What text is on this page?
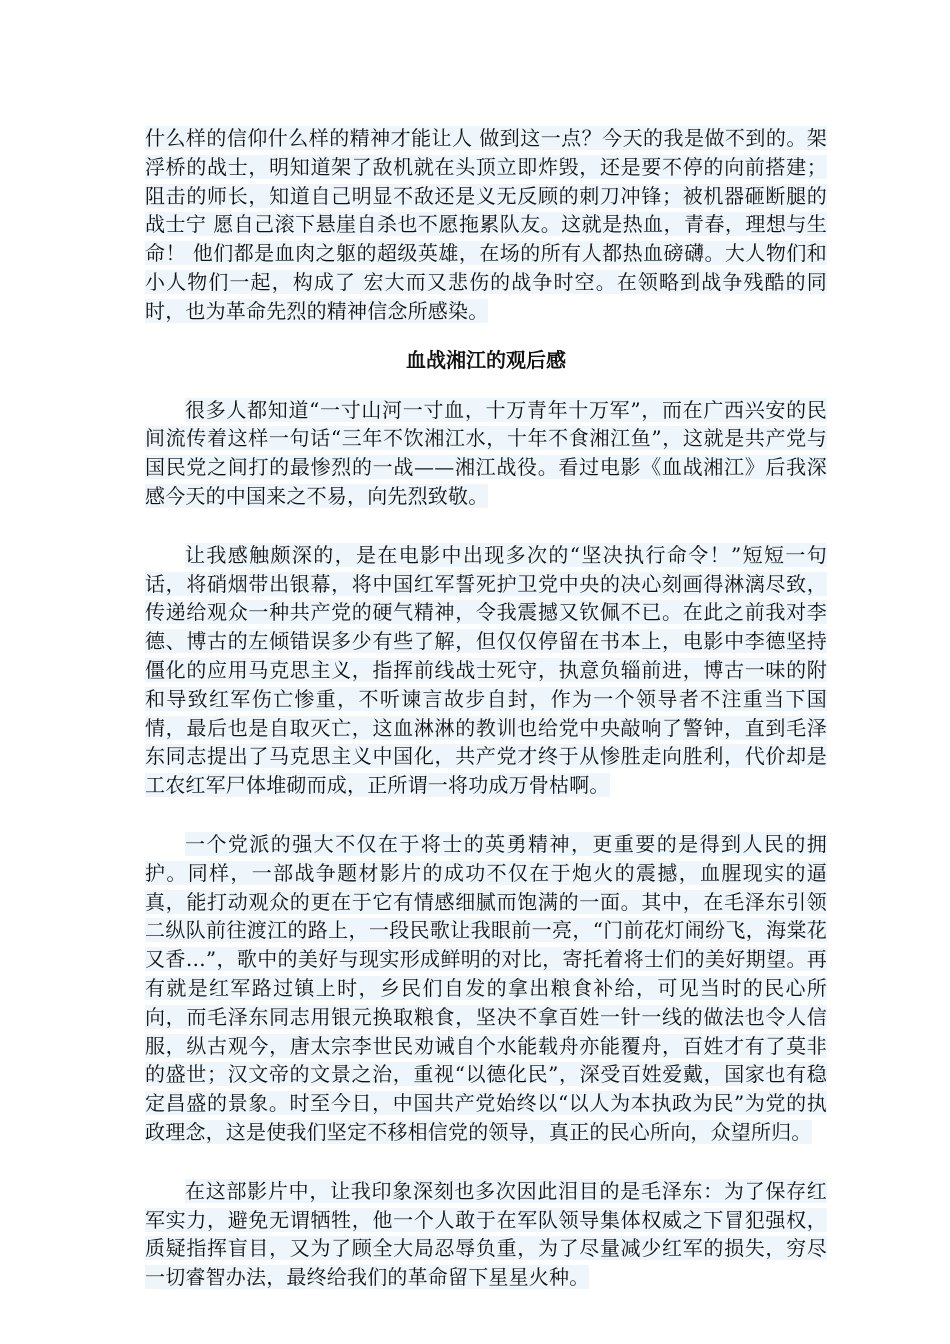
什么样的信仰什么样的精神才能让人 做到这一点？今天的我是做不到的。架浮桥的战士，明知道架了敌机就在头顶立即炸毁，还是要不停的向前搭建；阻击的师长，知道自己明显不敌还是义无反顾的刺刀冲锋；被机器砸断腿的战士宁 愿自己滚下悬崖自杀也不愿拖累队友。这就是热血，青春，理想与生命！ 他们都是血肉之躯的超级英雄，在场的所有人都热血磅礴。大人物们和小人物们一起，构成了 宏大而又悲伤的战争时空。在领略到战争残酷的同时，也为革命先烈的精神信念所感染。

血战湘江的观后感

很多人都知道“一寸山河一寸血，十万青年十万军”，而在广西兴安的民间流传着这样一句话“三年不饮湘江水，十年不食湘江鱼”，这就是共产党与国民党之间打的最惨烈的一战——湘江战役。看过电影《血战湘江》后我深感今天的中国来之不易，向先烈致敬。

让我感触颇深的，是在电影中出现多次的“坚决执行命令！”短短一句话，将硝烟带出银幕，将中国红军誓死护卫党中央的决心刻画得淋漓尽致，传递给观众一种共产党的硬气精神，令我震撼又钦佩不已。在此之前我对李德、博古的左倾错误多少有些了解，但仅仅停留在书本上，电影中李德坚持僵化的应用马克思主义，指挥前线战士死守，执意负辎前进，博古一味的附和导致红军伤亡惨重，不听谏言故步自封，作为一个领导者不注重当下国情，最后也是自取灭亡，这血淋淋的教训也给党中央敲响了警钟，直到毛泽东同志提出了马克思主义中国化，共产党才终于从惨胜走向胜利，代价却是工农红军尸体堆砌而成，正所谓一将功成万骨枯啊。

一个党派的强大不仅在于将士的英勇精神，更重要的是得到人民的拥护。同样，一部战争题材影片的成功不仅在于炮火的震撼，血腥现实的逼真，能打动观众的更在于它有情感细腻而饱满的一面。其中，在毛泽东引领二纵队前往渡江的路上，一段民歌让我眼前一亮，“门前花灯闹纷飞，海棠花又香…”，歌中的美好与现实形成鲜明的对比，寄托着将士们的美好期望。再有就是红军路过镇上时，乡民们自发的拿出粮食补给，可见当时的民心所向，而毛泽东同志用银元换取粮食，坚决不拿百姓一针一线的做法也令人信服，纵古观今，唐太宗李世民劝诫自个水能载舟亦能覆舟，百姓才有了莫非的盛世；汉文帝的文景之治，重视“以德化民”，深受百姓爱戴，国家也有稳定昌盛的景象。时至今日，中国共产党始终以“以人为本执政为民”为党的执政理念，这是使我们坚定不移相信党的领导，真正的民心所向，众望所归。

在这部影片中，让我印象深刻也多次因此泪目的是毛泽东：为了保存红军实力，避免无谓牺牲，他一个人敢于在军队领导集体权威之下冒犯强权，质疑指挥盲目，又为了顾全大局忍辱负重，为了尽量减少红军的损失，穷尽一切睿智办法，最终给我们的革命留下星星火种。
